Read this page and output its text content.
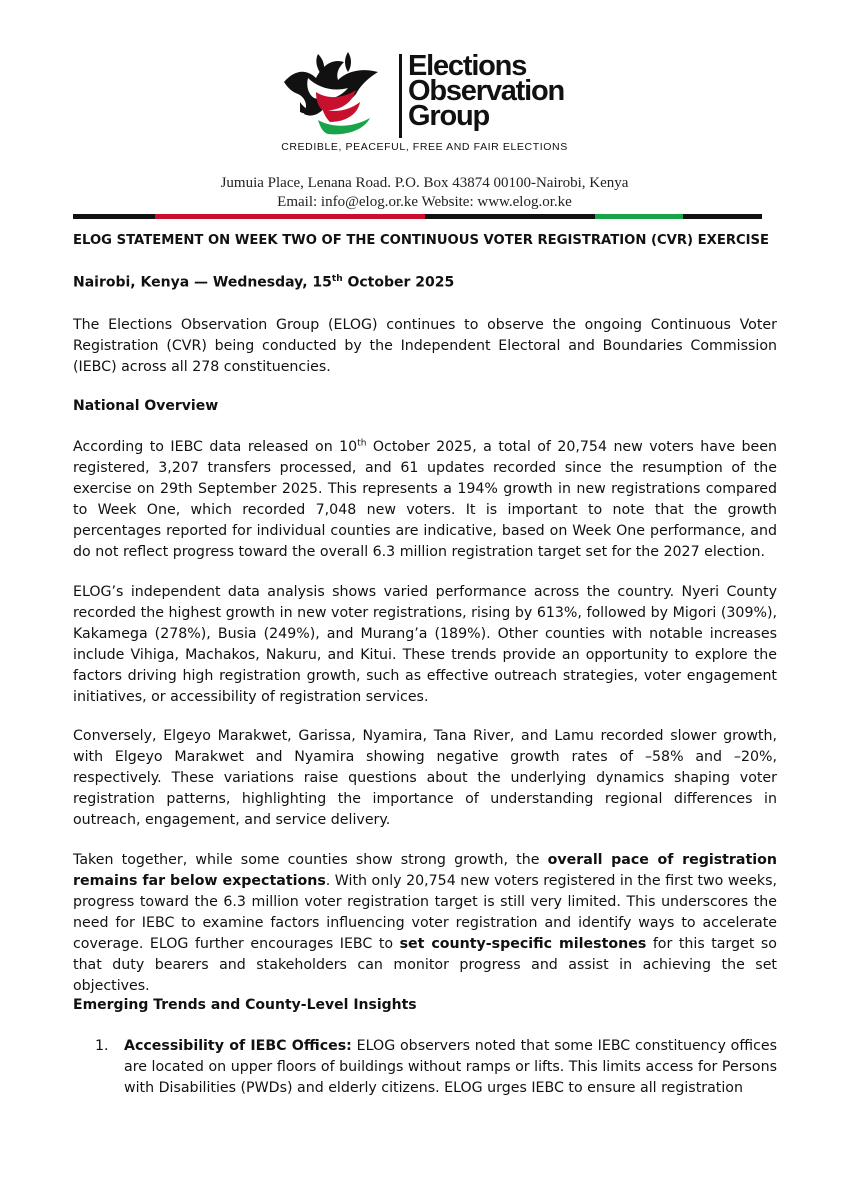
Elections
Observation
Group
CREDIBLE, PEACEFUL, FREE AND FAIR ELECTIONS
Jumuia Place, Lenana Road. P.O. Box 43874 00100-Nairobi, Kenya
Email: info@elog.or.ke Website: www.elog.or.ke
ELOG STATEMENT ON WEEK TWO OF THE CONTINUOUS VOTER REGISTRATION (CVR) EXERCISE
Nairobi, Kenya — Wednesday, 15th October 2025
The Elections Observation Group (ELOG) continues to observe the ongoing Continuous Voter Registration (CVR) being conducted by the Independent Electoral and Boundaries Commission (IEBC) across all 278 constituencies.
National Overview
According to IEBC data released on 10th October 2025, a total of 20,754 new voters have been registered, 3,207 transfers processed, and 61 updates recorded since the resumption of the exercise on 29th September 2025. This represents a 194% growth in new registrations compared to Week One, which recorded 7,048 new voters. It is important to note that the growth percentages reported for individual counties are indicative, based on Week One performance, and do not reflect progress toward the overall 6.3 million registration target set for the 2027 election.
ELOG’s independent data analysis shows varied performance across the country. Nyeri County recorded the highest growth in new voter registrations, rising by 613%, followed by Migori (309%), Kakamega (278%), Busia (249%), and Murang’a (189%). Other counties with notable increases include Vihiga, Machakos, Nakuru, and Kitui. These trends provide an opportunity to explore the factors driving high registration growth, such as effective outreach strategies, voter engagement initiatives, or accessibility of registration services.
Conversely, Elgeyo Marakwet, Garissa, Nyamira, Tana River, and Lamu recorded slower growth, with Elgeyo Marakwet and Nyamira showing negative growth rates of –58% and –20%, respectively. These variations raise questions about the underlying dynamics shaping voter registration patterns, highlighting the importance of understanding regional differences in outreach, engagement, and service delivery.
Taken together, while some counties show strong growth, the overall pace of registration remains far below expectations. With only 20,754 new voters registered in the first two weeks, progress toward the 6.3 million voter registration target is still very limited. This underscores the need for IEBC to examine factors influencing voter registration and identify ways to accelerate coverage. ELOG further encourages IEBC to set county-specific milestones for this target so that duty bearers and stakeholders can monitor progress and assist in achieving the set objectives.
Emerging Trends and County-Level Insights
1. Accessibility of IEBC Offices: ELOG observers noted that some IEBC constituency offices are located on upper floors of buildings without ramps or lifts. This limits access for Persons with Disabilities (PWDs) and elderly citizens. ELOG urges IEBC to ensure all registration
